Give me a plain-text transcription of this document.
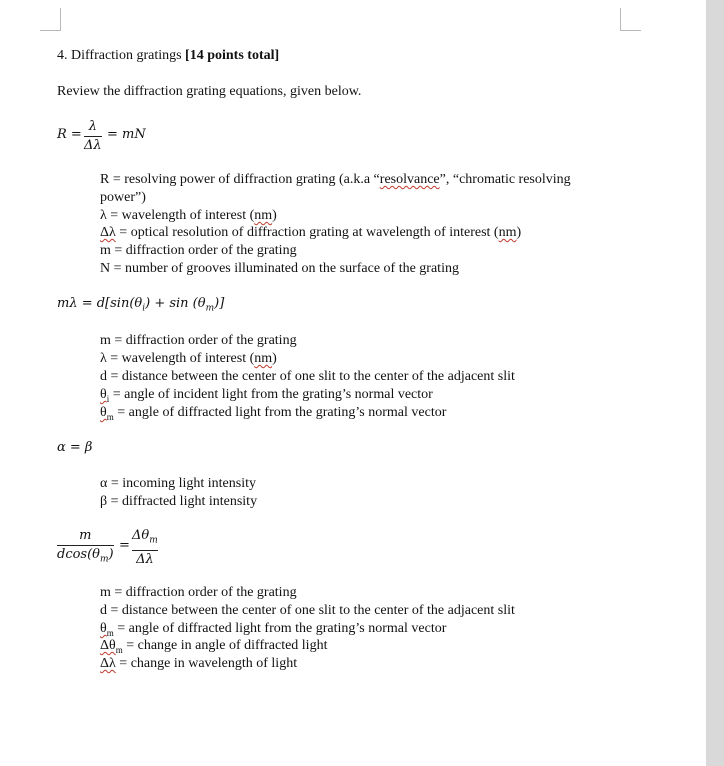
4. Diffraction gratings [14 points total]
Review the diffraction grating equations, given below.
R =
λ
Δλ
= mN
R = resolving power of diffraction grating (a.k.a “resolvance”, “chromatic resolving
power”)
λ = wavelength of interest (nm)
Δλ = optical resolution of diffraction grating at wavelength of interest (nm)
m = diffraction order of the grating
N = number of grooves illuminated on the surface of the grating
$m\lambda = d[\sin(\theta_i) + \sin (\theta_m)]$
m = diffraction order of the grating
λ = wavelength of interest (nm)
d = distance between the center of one slit to the center of the adjacent slit
$\theta_i$ = angle of incident light from the grating’s normal vector
$\theta_m$ = angle of diffracted light from the grating’s normal vector
α = β
α = incoming light intensity
β = diffracted light intensity
m
$dcos(\theta_m)$
=
$\Delta\theta_m$
Δλ
m = diffraction order of the grating
d = distance between the center of one slit to the center of the adjacent slit
$\theta_m$ = angle of diffracted light from the grating’s normal vector
$\Delta\theta_m$ = change in angle of diffracted light
Δλ = change in wavelength of light
